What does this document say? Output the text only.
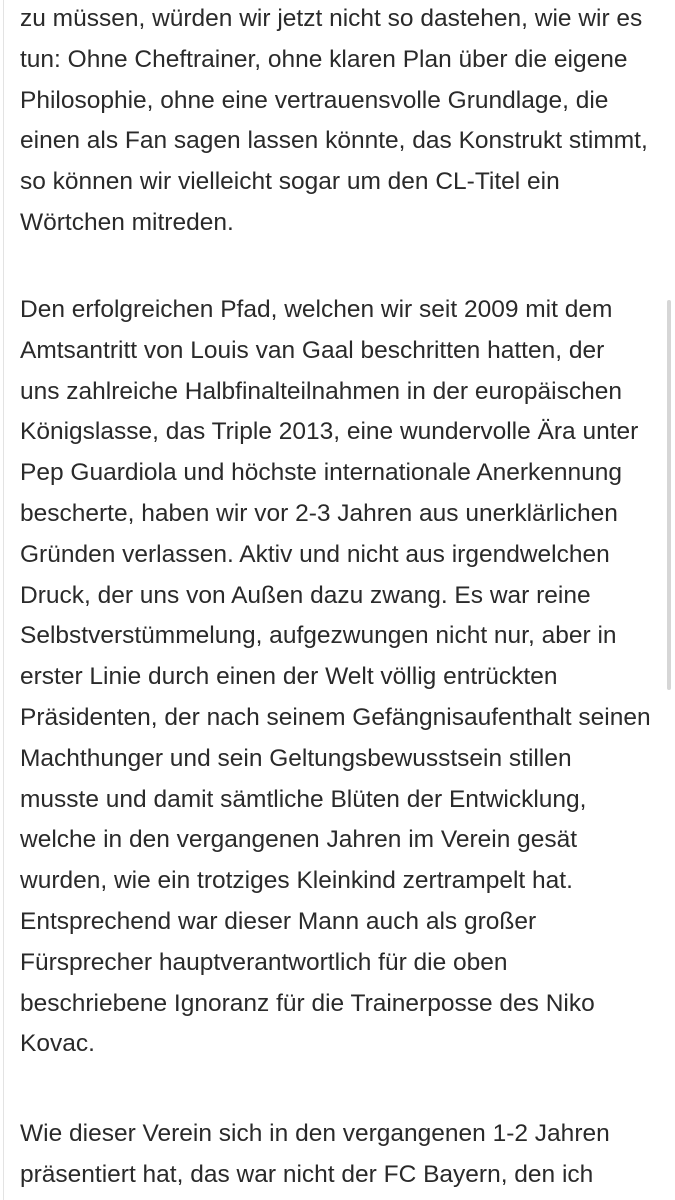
zu müssen, würden wir jetzt nicht so dastehen, wie wir es
tun: Ohne Cheftrainer, ohne klaren Plan über die eigene
Philosophie, ohne eine vertrauensvolle Grundlage, die
einen als Fan sagen lassen könnte, das Konstrukt stimmt,
so können wir vielleicht sogar um den CL-Titel ein
Wörtchen mitreden.

Den erfolgreichen Pfad, welchen wir seit 2009 mit dem
Amtsantritt von Louis van Gaal beschritten hatten, der
uns zahlreiche Halbfinalteilnahmen in der europäischen
Königslasse, das Triple 2013, eine wundervolle Ära unter
Pep Guardiola und höchste internationale Anerkennung
bescherte, haben wir vor 2-3 Jahren aus unerklärlichen
Gründen verlassen. Aktiv und nicht aus irgendwelchen
Druck, der uns von Außen dazu zwang. Es war reine
Selbstverstümmelung, aufgezwungen nicht nur, aber in
erster Linie durch einen der Welt völlig entrückten
Präsidenten, der nach seinem Gefängnisaufenthalt seinen
Machthunger und sein Geltungsbewusstsein stillen
musste und damit sämtliche Blüten der Entwicklung,
welche in den vergangenen Jahren im Verein gesät
wurden, wie ein trotziges Kleinkind zertrampelt hat.
Entsprechend war dieser Mann auch als großer
Fürsprecher hauptverantwortlich für die oben
beschriebene Ignoranz für die Trainerposse des Niko
Kovac.

Wie dieser Verein sich in den vergangenen 1-2 Jahren
präsentiert hat, das war nicht der FC Bayern, den ich
